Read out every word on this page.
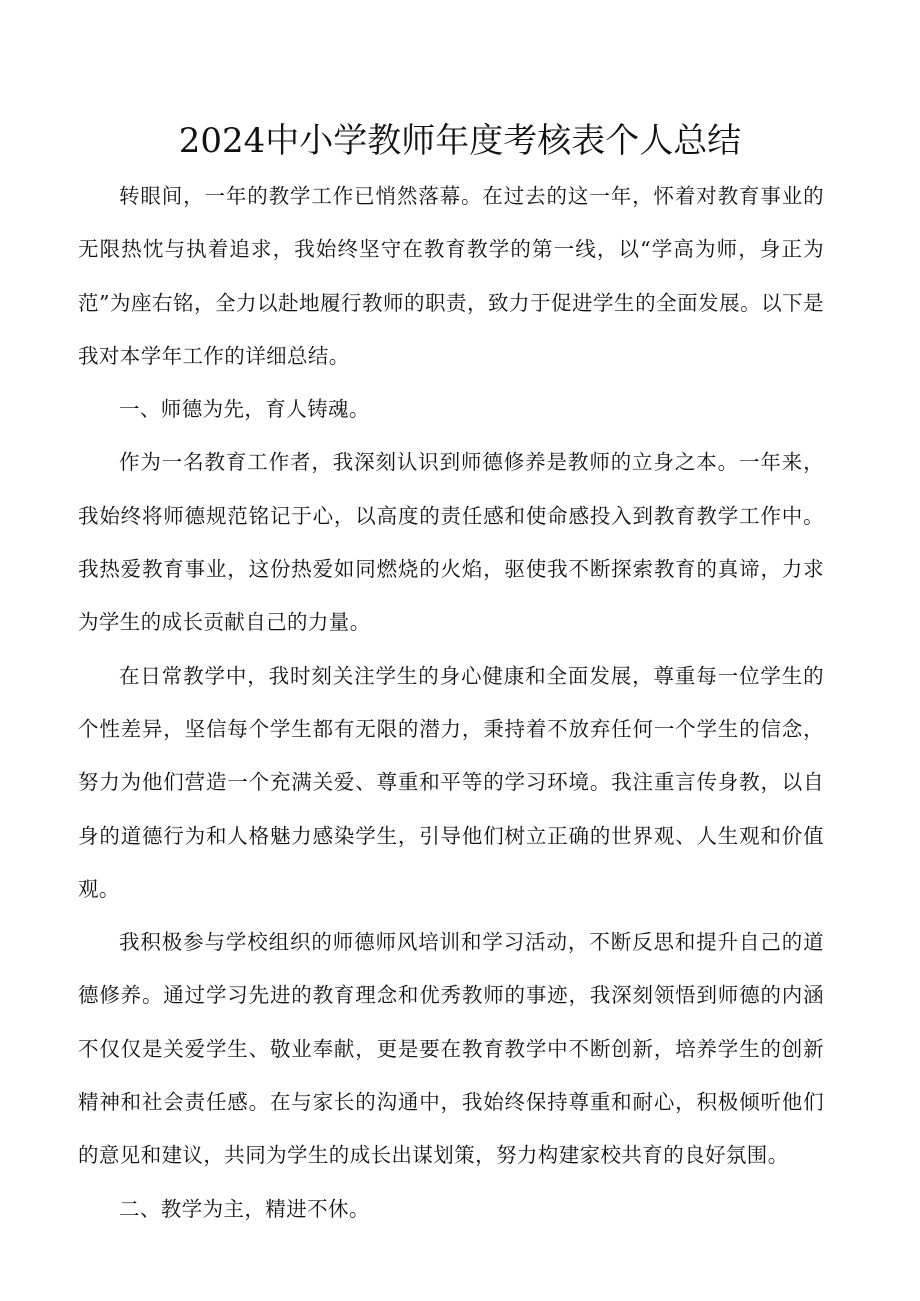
2024中小学教师年度考核表个人总结

转眼间，一年的教学工作已悄然落幕。在过去的这一年，怀着对教育事业的无限热忱与执着追求，我始终坚守在教育教学的第一线，以“学高为师，身正为范”为座右铭，全力以赴地履行教师的职责，致力于促进学生的全面发展。以下是我对本学年工作的详细总结。

一、师德为先，育人铸魂。

作为一名教育工作者，我深刻认识到师德修养是教师的立身之本。一年来，我始终将师德规范铭记于心，以高度的责任感和使命感投入到教育教学工作中。我热爱教育事业，这份热爱如同燃烧的火焰，驱使我不断探索教育的真谛，力求为学生的成长贡献自己的力量。

在日常教学中，我时刻关注学生的身心健康和全面发展，尊重每一位学生的个性差异，坚信每个学生都有无限的潜力，秉持着不放弃任何一个学生的信念，努力为他们营造一个充满关爱、尊重和平等的学习环境。我注重言传身教，以自身的道德行为和人格魅力感染学生，引导他们树立正确的世界观、人生观和价值观。

我积极参与学校组织的师德师风培训和学习活动，不断反思和提升自己的道德修养。通过学习先进的教育理念和优秀教师的事迹，我深刻领悟到师德的内涵不仅仅是关爱学生、敬业奉献，更是要在教育教学中不断创新，培养学生的创新精神和社会责任感。在与家长的沟通中，我始终保持尊重和耐心，积极倾听他们的意见和建议，共同为学生的成长出谋划策，努力构建家校共育的良好氛围。

二、教学为主，精进不休。
